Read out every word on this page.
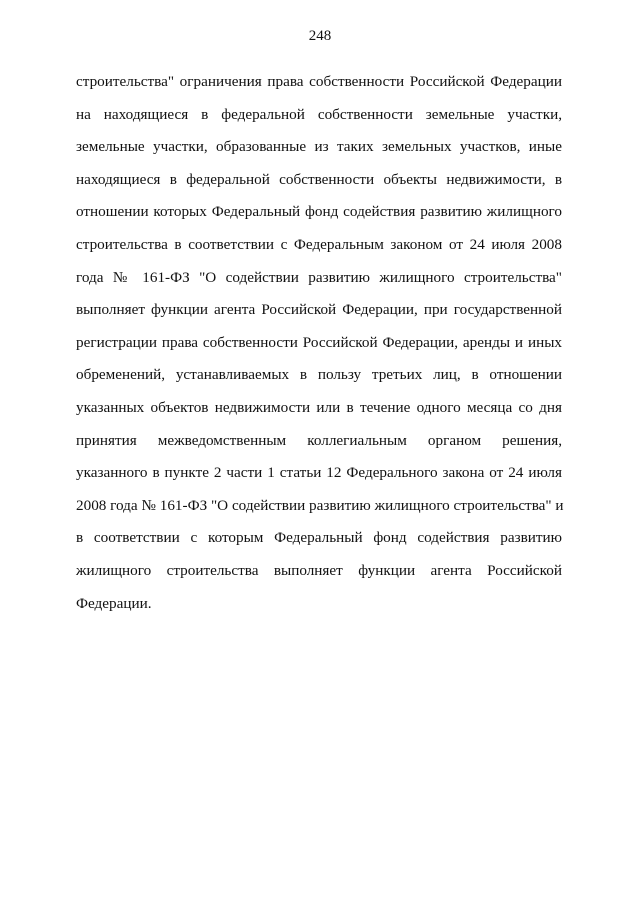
248
строительства" ограничения права собственности Российской Федерации
на находящиеся в федеральной собственности земельные участки,
земельные участки, образованные из таких земельных участков, иные
находящиеся в федеральной собственности объекты недвижимости, в
отношении которых Федеральный фонд содействия развитию жилищного
строительства в соответствии с Федеральным законом от 24 июля 2008
года № 161-ФЗ "О содействии развитию жилищного строительства"
выполняет функции агента Российской Федерации, при государственной
регистрации права собственности Российской Федерации, аренды и иных
обременений, устанавливаемых в пользу третьих лиц, в отношении
указанных объектов недвижимости или в течение одного месяца со дня
принятия межведомственным коллегиальным органом решения,
указанного в пункте 2 части 1 статьи 12 Федерального закона от 24 июля
2008 года № 161-ФЗ "О содействии развитию жилищного строительства" и
в соответствии с которым Федеральный фонд содействия развитию
жилищного строительства выполняет функции агента Российской
Федерации.
